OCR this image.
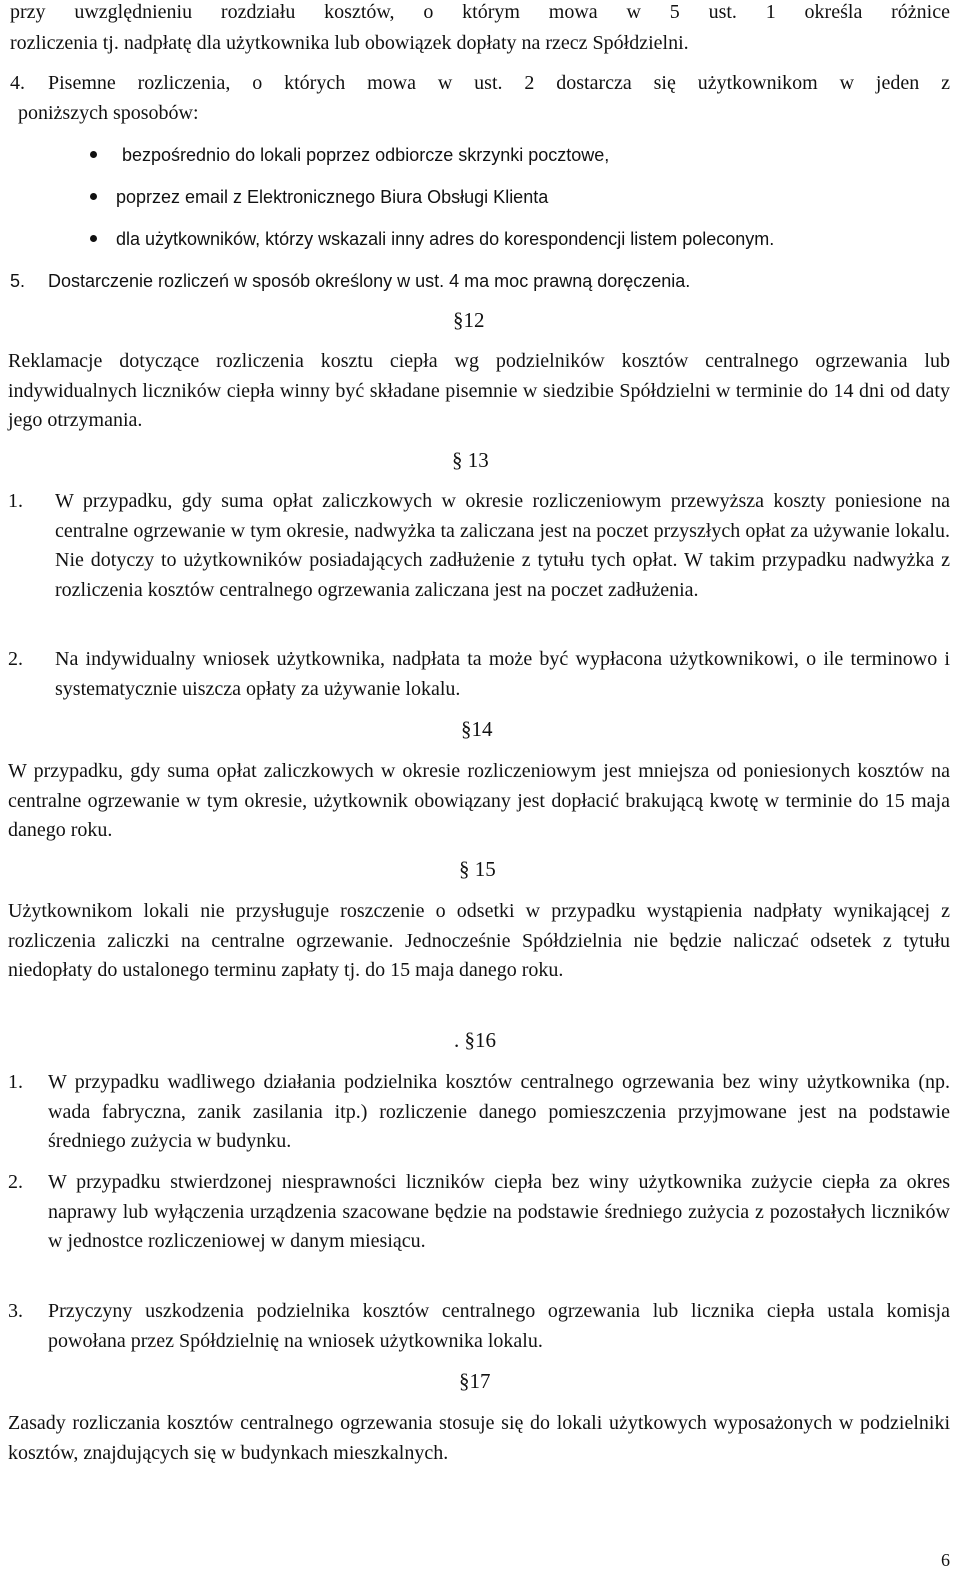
przy uwzględnieniu rozdziału kosztów, o którym mowa w 5 ust. 1 określa różnice
rozliczenia tj. nadpłatę dla użytkownika lub obowiązek dopłaty na rzecz Spółdzielni.
4. Pisemne rozliczenia, o których mowa w ust. 2 dostarcza się użytkownikom w jeden z
poniższych sposobów:
bezpośrednio do lokali poprzez odbiorcze skrzynki pocztowe,
poprzez email z Elektronicznego Biura Obsługi Klienta
dla użytkowników, którzy wskazali inny adres do korespondencji listem poleconym.
5. Dostarczenie rozliczeń w sposób określony w ust. 4 ma moc prawną doręczenia.
§12
Reklamacje dotyczące rozliczenia kosztu ciepła wg podzielników kosztów centralnego ogrzewania lub indywidualnych liczników ciepła winny być składane pisemnie w siedzibie Spółdzielni w terminie do 14 dni od daty jego otrzymania.
§ 13
1. W przypadku, gdy suma opłat zaliczkowych w okresie rozliczeniowym przewyższa koszty poniesione na centralne ogrzewanie w tym okresie, nadwyżka ta zaliczana jest na poczet przyszłych opłat za używanie lokalu. Nie dotyczy to użytkowników posiadających zadłużenie z tytułu tych opłat. W takim przypadku nadwyżka z rozliczenia kosztów centralnego ogrzewania zaliczana jest na poczet zadłużenia.
2. Na indywidualny wniosek użytkownika, nadpłata ta może być wypłacona użytkownikowi, o ile terminowo i systematycznie uiszcza opłaty za używanie lokalu.
§14
W przypadku, gdy suma opłat zaliczkowych w okresie rozliczeniowym jest mniejsza od poniesionych kosztów na centralne ogrzewanie w tym okresie, użytkownik obowiązany jest dopłacić brakującą kwotę w terminie do 15 maja danego roku.
§ 15
Użytkownikom lokali nie przysługuje roszczenie o odsetki w przypadku wystąpienia nadpłaty wynikającej z rozliczenia zaliczki na centralne ogrzewanie. Jednocześnie Spółdzielnia nie będzie naliczać odsetek z tytułu niedopłaty do ustalonego terminu zapłaty tj. do 15 maja danego roku.
. §16
1. W przypadku wadliwego działania podzielnika kosztów centralnego ogrzewania bez winy użytkownika (np. wada fabryczna, zanik zasilania itp.) rozliczenie danego pomieszczenia przyjmowane jest na podstawie średniego zużycia w budynku.
2. W przypadku stwierdzonej niesprawności liczników ciepła bez winy użytkownika zużycie ciepła za okres naprawy lub wyłączenia urządzenia szacowane będzie na podstawie średniego zużycia z pozostałych liczników w jednostce rozliczeniowej w danym miesiącu.
3. Przyczyny uszkodzenia podzielnika kosztów centralnego ogrzewania lub licznika ciepła ustala komisja powołana przez Spółdzielnię na wniosek użytkownika lokalu.
§17
Zasady rozliczania kosztów centralnego ogrzewania stosuje się do lokali użytkowych wyposażonych w podzielniki kosztów, znajdujących się w budynkach mieszkalnych.
6
